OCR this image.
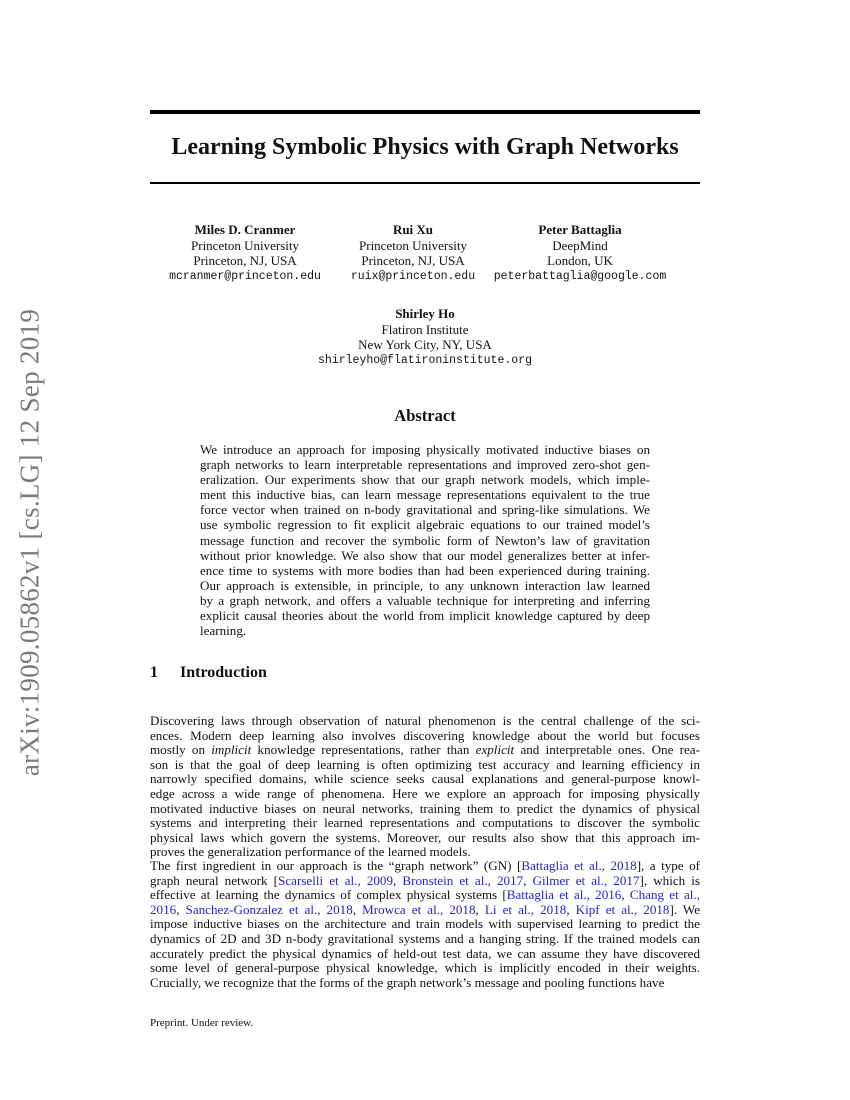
arXiv:1909.05862v1 [cs.LG] 12 Sep 2019
Learning Symbolic Physics with Graph Networks
Miles D. Cranmer
Princeton University
Princeton, NJ, USA
mcranmer@princeton.edu
Rui Xu
Princeton University
Princeton, NJ, USA
ruix@princeton.edu
Peter Battaglia
DeepMind
London, UK
peterbattaglia@google.com
Shirley Ho
Flatiron Institute
New York City, NY, USA
shirleyho@flatironinstitute.org
Abstract
We introduce an approach for imposing physically motivated inductive biases on
graph networks to learn interpretable representations and improved zero-shot gen-
eralization. Our experiments show that our graph network models, which imple-
ment this inductive bias, can learn message representations equivalent to the true
force vector when trained on n-body gravitational and spring-like simulations. We
use symbolic regression to fit explicit algebraic equations to our trained model’s
message function and recover the symbolic form of Newton’s law of gravitation
without prior knowledge. We also show that our model generalizes better at infer-
ence time to systems with more bodies than had been experienced during training.
Our approach is extensible, in principle, to any unknown interaction law learned
by a graph network, and offers a valuable technique for interpreting and inferring
explicit causal theories about the world from implicit knowledge captured by deep
learning.
1 Introduction
Discovering laws through observation of natural phenomenon is the central challenge of the sci-
ences. Modern deep learning also involves discovering knowledge about the world but focuses
mostly on implicit knowledge representations, rather than explicit and interpretable ones. One rea-
son is that the goal of deep learning is often optimizing test accuracy and learning efficiency in
narrowly specified domains, while science seeks causal explanations and general-purpose knowl-
edge across a wide range of phenomena. Here we explore an approach for imposing physically
motivated inductive biases on neural networks, training them to predict the dynamics of physical
systems and interpreting their learned representations and computations to discover the symbolic
physical laws which govern the systems. Moreover, our results also show that this approach im-
proves the generalization performance of the learned models.
The first ingredient in our approach is the “graph network” (GN) [Battaglia et al., 2018], a type of
graph neural network [Scarselli et al., 2009, Bronstein et al., 2017, Gilmer et al., 2017], which is
effective at learning the dynamics of complex physical systems [Battaglia et al., 2016, Chang et al.,
2016, Sanchez-Gonzalez et al., 2018, Mrowca et al., 2018, Li et al., 2018, Kipf et al., 2018]. We
impose inductive biases on the architecture and train models with supervised learning to predict the
dynamics of 2D and 3D n-body gravitational systems and a hanging string. If the trained models can
accurately predict the physical dynamics of held-out test data, we can assume they have discovered
some level of general-purpose physical knowledge, which is implicitly encoded in their weights.
Crucially, we recognize that the forms of the graph network’s message and pooling functions have
Preprint. Under review.
